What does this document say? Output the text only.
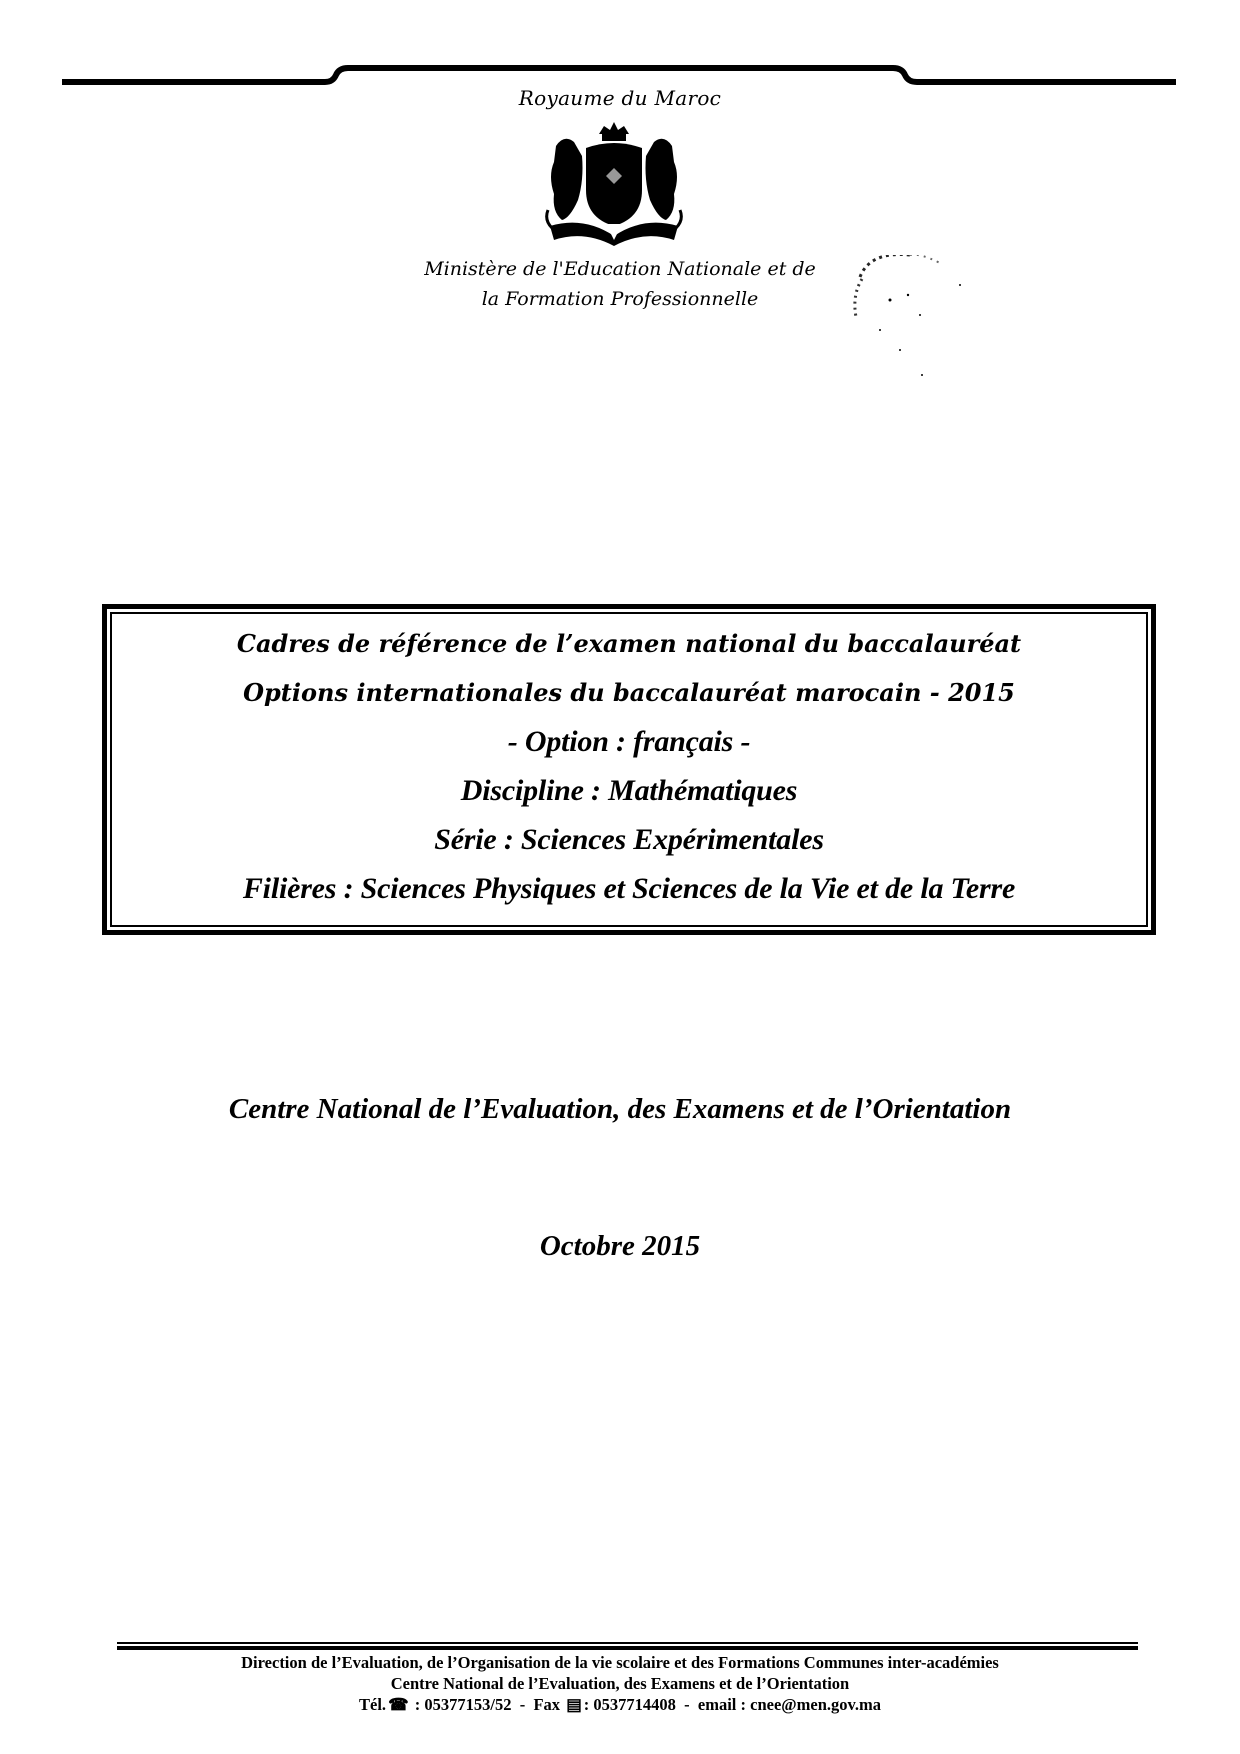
Royaume du Maroc
Ministère de l'Education Nationale et de
la Formation Professionnelle
Cadres de référence de l’examen national du baccalauréat
Options internationales du baccalauréat marocain - 2015
- Option : français -
Discipline : Mathématiques
Série : Sciences Expérimentales
Filières : Sciences Physiques et Sciences de la Vie et de la Terre
Centre National de l’Evaluation, des Examens et de l’Orientation
Octobre 2015
Direction de l’Evaluation, de l’Organisation de la vie scolaire et des Formations Communes inter-académies
Centre National de l’Evaluation, des Examens et de l’Orientation
Tél. ☎ : 05377153/52 - Fax ▤ : 0537714408 - email : cnee@men.gov.ma
